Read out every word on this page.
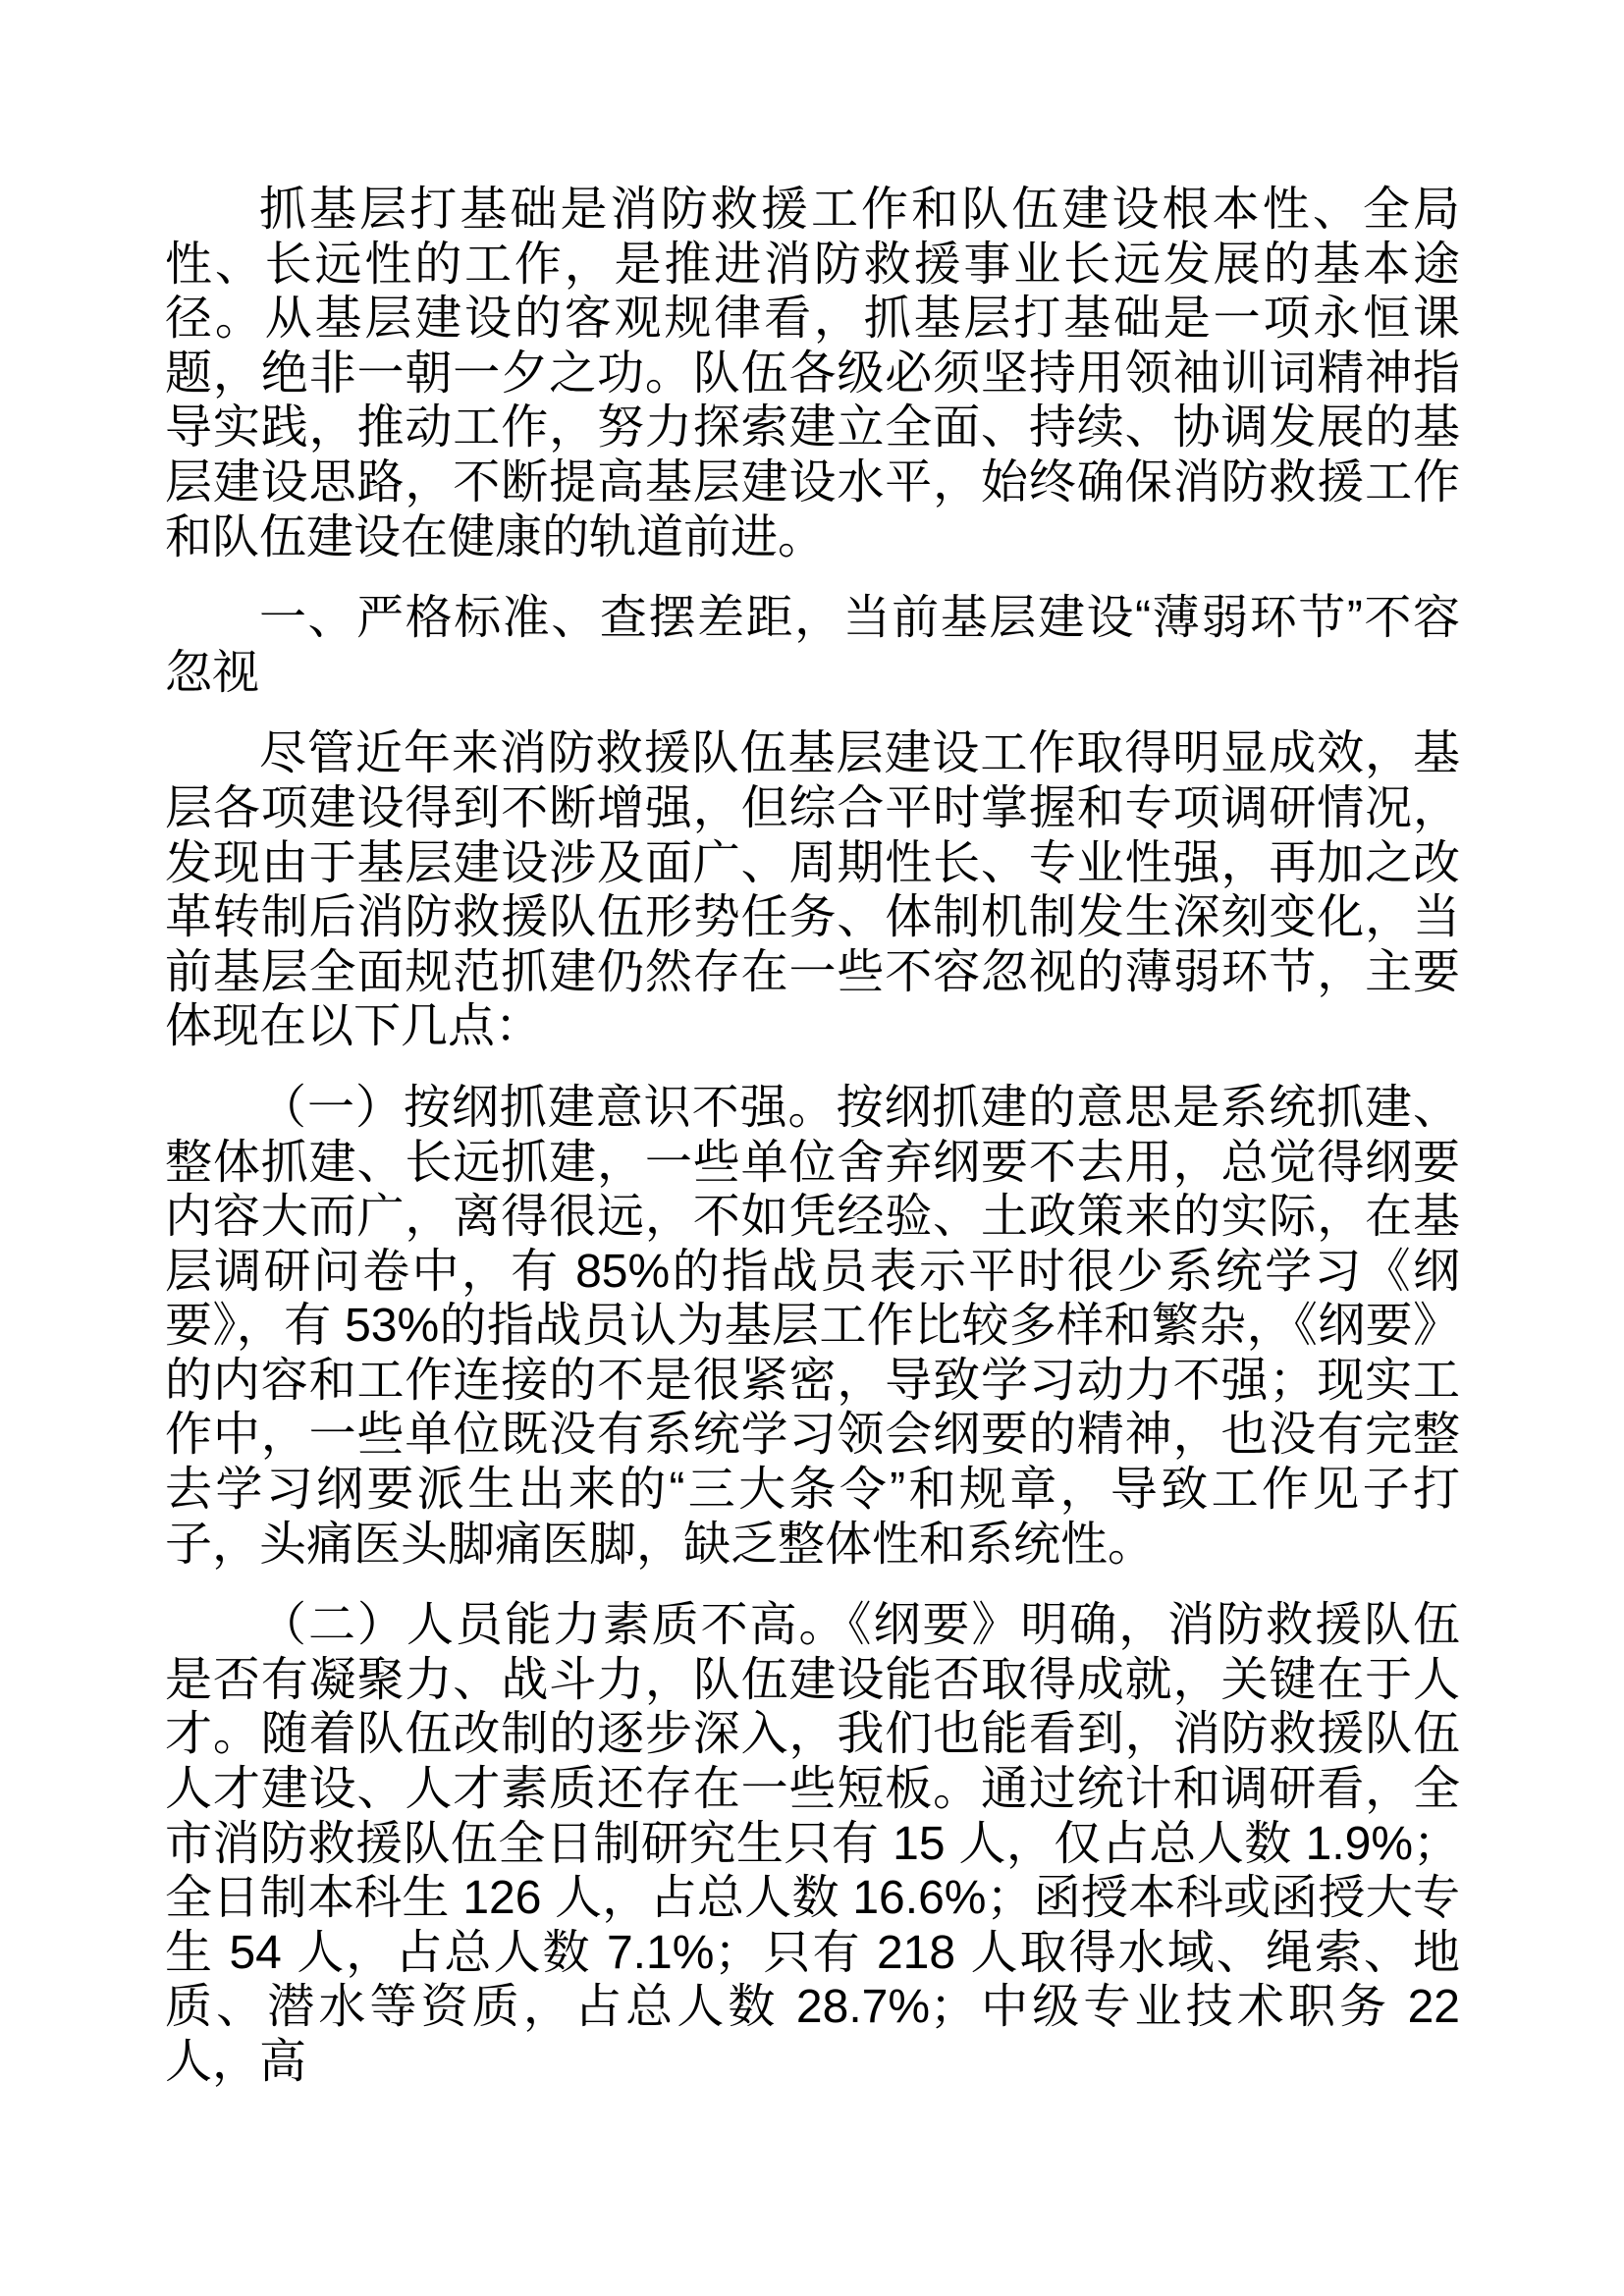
抓基层打基础是消防救援工作和队伍建设根本性、全局性、长远性的工作，是推进消防救援事业长远发展的基本途径。从基层建设的客观规律看，抓基层打基础是一项永恒课题，绝非一朝一夕之功。队伍各级必须坚持用领袖训词精神指导实践，推动工作，努力探索建立全面、持续、协调发展的基层建设思路，不断提高基层建设水平，始终确保消防救援工作和队伍建设在健康的轨道前进。

一、严格标准、查摆差距，当前基层建设“薄弱环节”不容忽视

尽管近年来消防救援队伍基层建设工作取得明显成效，基层各项建设得到不断增强，但综合平时掌握和专项调研情况，发现由于基层建设涉及面广、周期性长、专业性强，再加之改革转制后消防救援队伍形势任务、体制机制发生深刻变化，当前基层全面规范抓建仍然存在一些不容忽视的薄弱环节，主要体现在以下几点：

（一）按纲抓建意识不强。按纲抓建的意思是系统抓建、整体抓建、长远抓建，一些单位舍弃纲要不去用，总觉得纲要内容大而广，离得很远，不如凭经验、土政策来的实际，在基层调研问卷中，有 85%的指战员表示平时很少系统学习《纲要》，有 53%的指战员认为基层工作比较多样和繁杂，《纲要》的内容和工作连接的不是很紧密，导致学习动力不强；现实工作中，一些单位既没有系统学习领会纲要的精神，也没有完整去学习纲要派生出来的“三大条令”和规章，导致工作见子打子，头痛医头脚痛医脚，缺乏整体性和系统性。

（二）人员能力素质不高。《纲要》明确，消防救援队伍是否有凝聚力、战斗力，队伍建设能否取得成就，关键在于人才。随着队伍改制的逐步深入，我们也能看到，消防救援队伍人才建设、人才素质还存在一些短板。通过统计和调研看，全市消防救援队伍全日制研究生只有 15 人，仅占总人数 1.9%；全日制本科生 126 人，占总人数 16.6%；函授本科或函授大专生 54 人，占总人数 7.1%；只有 218 人取得水域、绳索、地质、潜水等资质，占总人数 28.7%；中级专业技术职务 22 人，高
